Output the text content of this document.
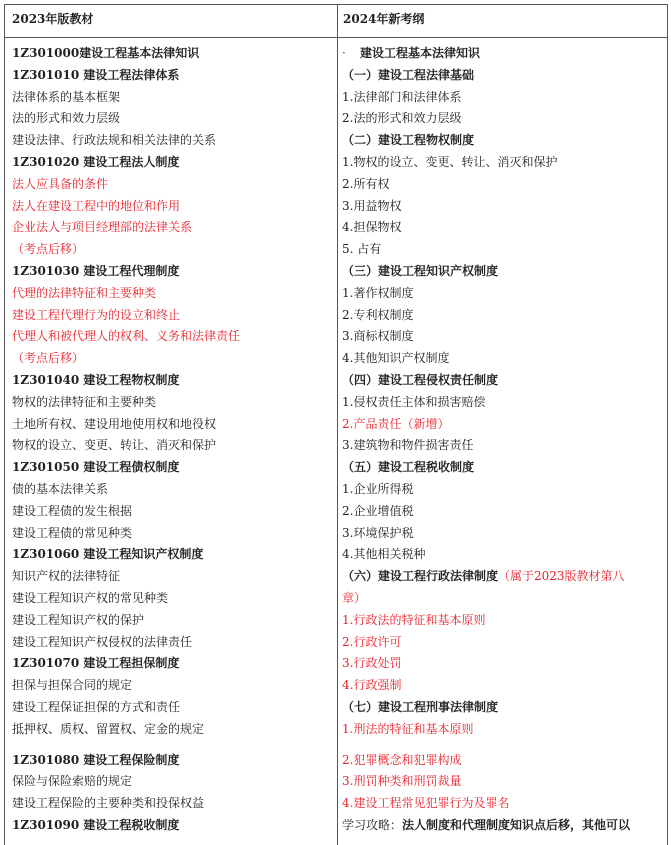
2023年版教材	2024年新考纲
1Z301000建设工程基本法律知识
1Z301010 建设工程法律体系
法律体系的基本框架
法的形式和效力层级
建设法律、行政法规和相关法律的关系
1Z301020 建设工程法人制度
法人应具备的条件
法人在建设工程中的地位和作用
企业法人与项目经理部的法律关系
（考点后移）
1Z301030 建设工程代理制度
代理的法律特征和主要种类
建设工程代理行为的设立和终止
代理人和被代理人的权利、义务和法律责任
（考点后移）
1Z301040 建设工程物权制度
物权的法律特征和主要种类
土地所有权、建设用地使用权和地役权
物权的设立、变更、转让、消灭和保护
1Z301050 建设工程债权制度
债的基本法律关系
建设工程债的发生根据
建设工程债的常见种类
1Z301060 建设工程知识产权制度
知识产权的法律特征
建设工程知识产权的常见种类
建设工程知识产权的保护
建设工程知识产权侵权的法律责任
1Z301070 建设工程担保制度
担保与担保合同的规定
建设工程保证担保的方式和责任
抵押权、质权、留置权、定金的规定
1Z301080 建设工程保险制度
保险与保险索赔的规定
建设工程保险的主要种类和投保权益
1Z301090 建设工程税收制度
· 建设工程基本法律知识
（一）建设工程法律基础
1.法律部门和法律体系
2.法的形式和效力层级
（二）建设工程物权制度
1.物权的设立、变更、转让、消灭和保护
2.所有权
3.用益物权
4.担保物权
5. 占有
（三）建设工程知识产权制度
1.著作权制度
2.专利权制度
3.商标权制度
4.其他知识产权制度
（四）建设工程侵权责任制度
1.侵权责任主体和损害赔偿
2.产品责任（新增）
3.建筑物和物件损害责任
（五）建设工程税收制度
1.企业所得税
2.企业增值税
3.环境保护税
4.其他相关税种
（六）建设工程行政法律制度（属于2023版教材第八
章）
1.行政法的特征和基本原则
2.行政许可
3.行政处罚
4.行政强制
（七）建设工程刑事法律制度
1.刑法的特征和基本原则
2.犯罪概念和犯罪构成
3.刑罚种类和刑罚裁量
4.建设工程常见犯罪行为及罪名
学习攻略：法人制度和代理制度知识点后移，其他可以
